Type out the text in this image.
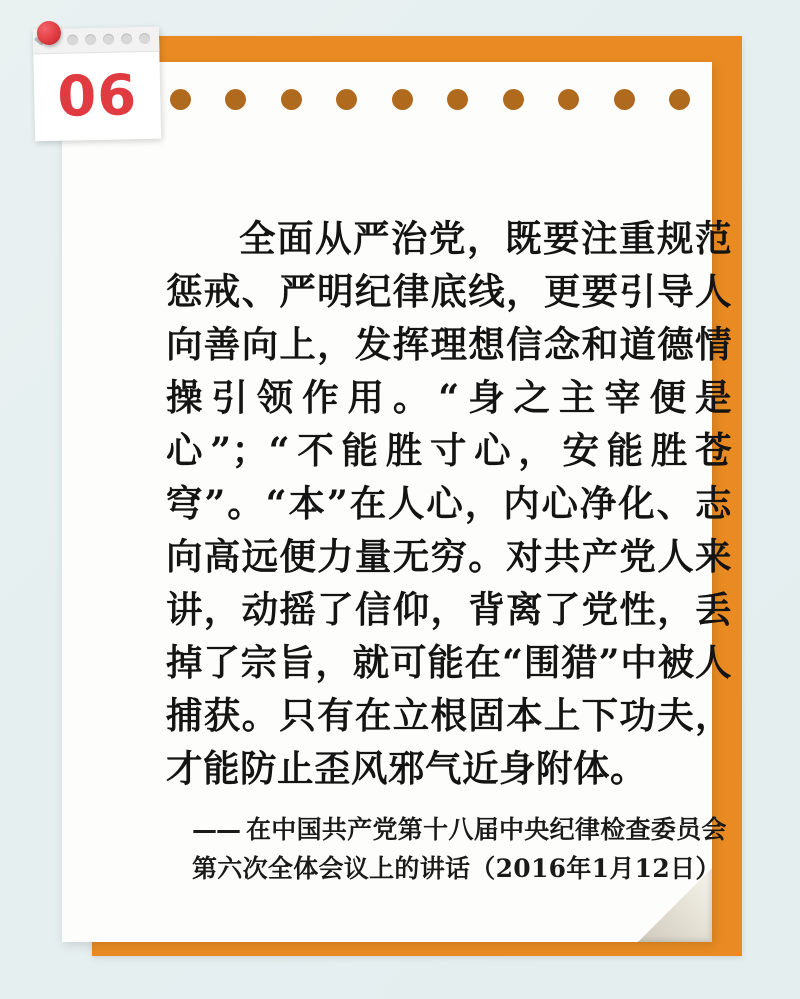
全面从严治党，既要注重规范惩戒、严明纪律底线，更要引导人向善向上，发挥理想信念和道德情操引领作用。“身之主宰便是心”；“不能胜寸心，安能胜苍穹”。“本”在人心，内心净化、志向高远便力量无穷。对共产党人来讲，动摇了信仰，背离了党性，丢掉了宗旨，就可能在“围猎”中被人捕获。只有在立根固本上下功夫，才能防止歪风邪气近身附体。
—— 在中国共产党第十八届中央纪律检查委员会第六次全体会议上的讲话（2016年1月12日）
06
